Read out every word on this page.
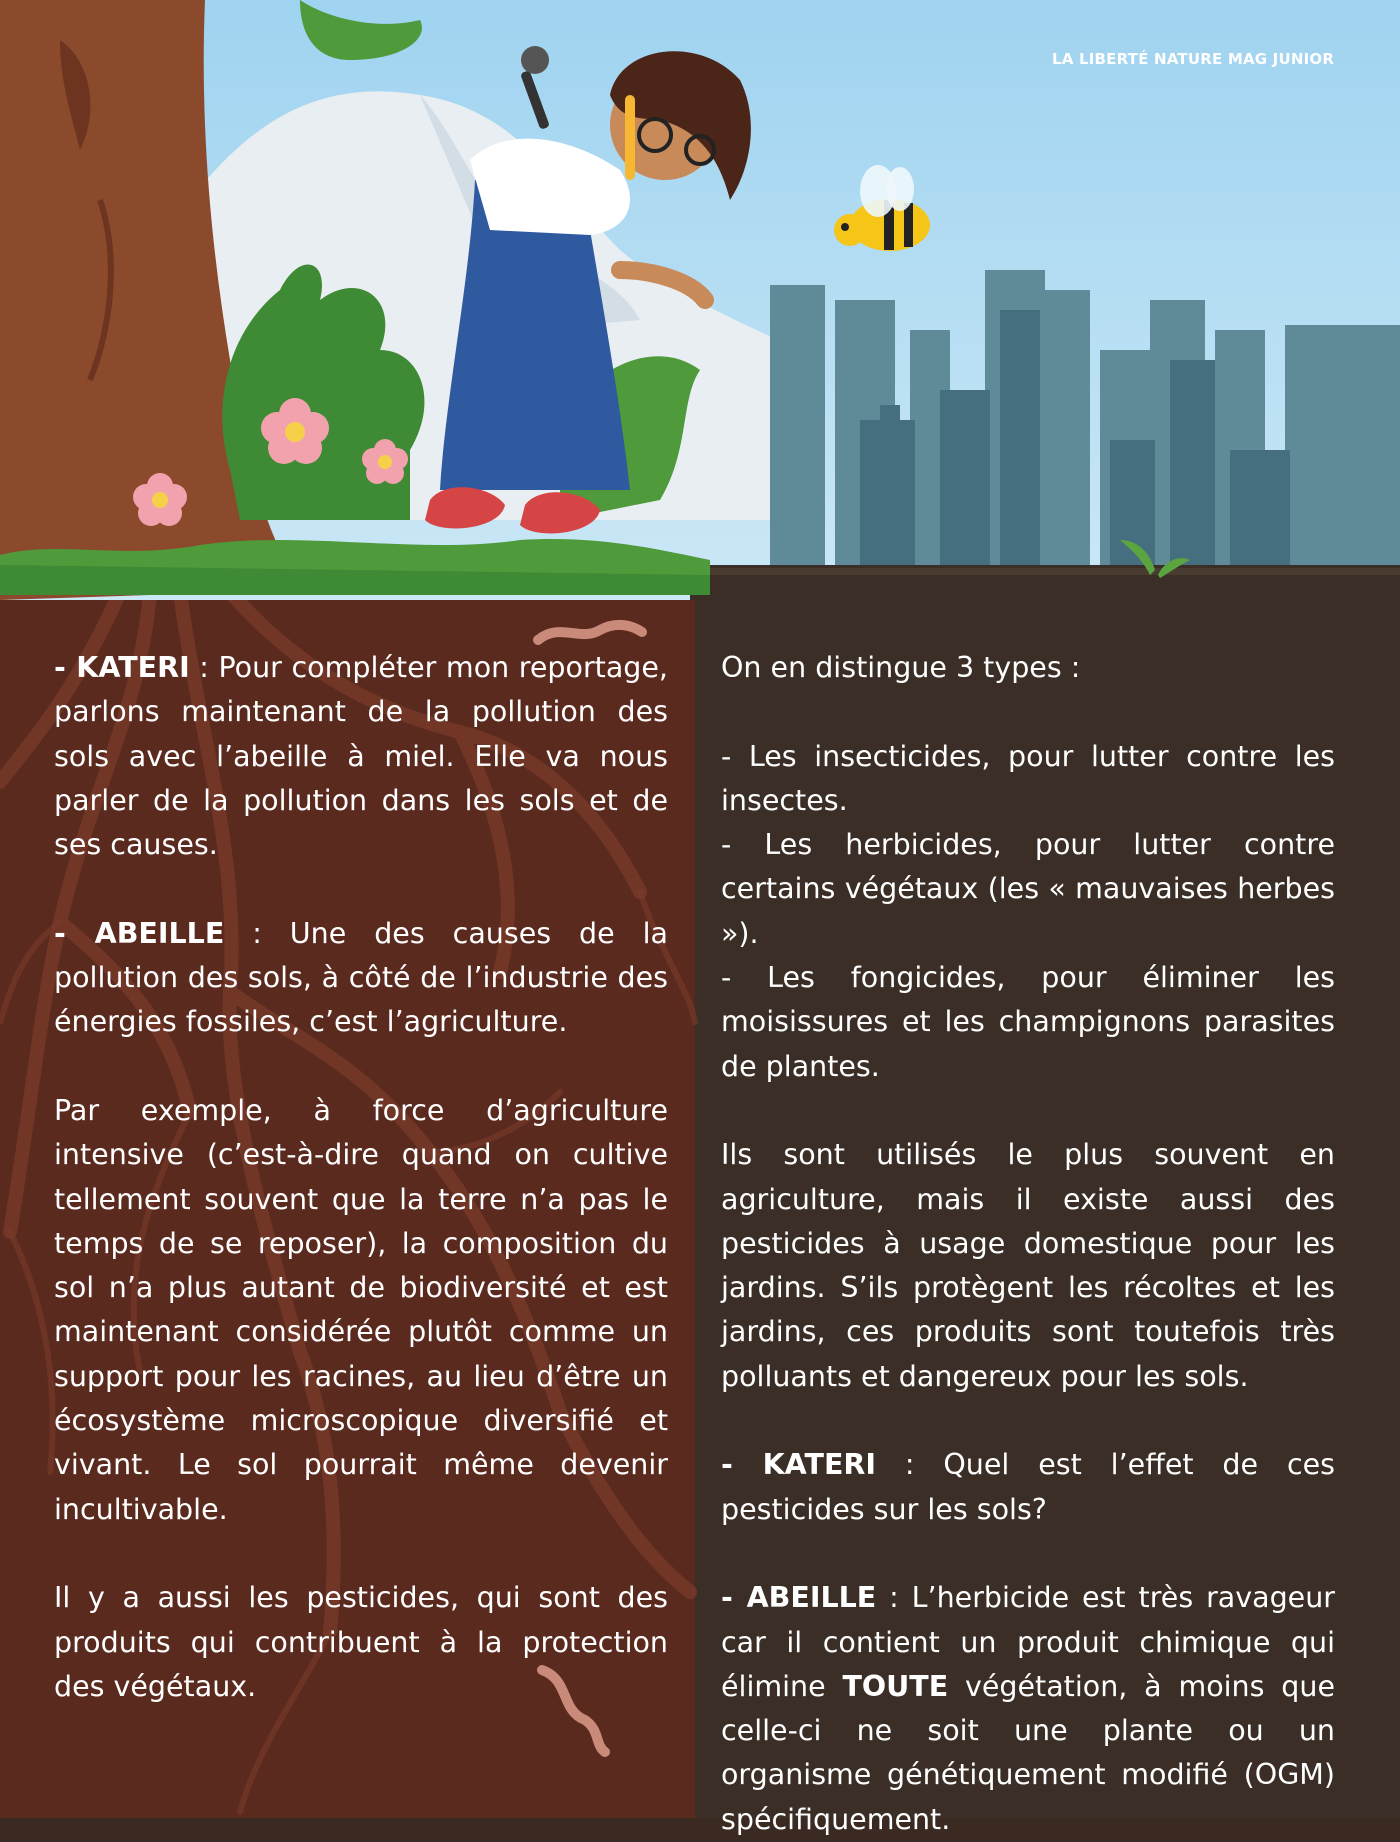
LA LIBERTÉ NATURE MAG JUNIOR

- KATERI : Pour compléter mon reportage, parlons maintenant de la pollution des sols avec l’abeille à miel. Elle va nous parler de la pollution dans les sols et de ses causes.

- ABEILLE : Une des causes de la pollution des sols, à côté de l’industrie des énergies fossiles, c’est l’agriculture.

Par exemple, à force d’agriculture intensive (c’est-à-dire quand on cultive tellement souvent que la terre n’a pas le temps de se reposer), la composition du sol n’a plus autant de biodiversité et est maintenant considérée plutôt comme un support pour les racines, au lieu d’être un écosystème microscopique diversifié et vivant. Le sol pourrait même devenir incultivable.

Il y a aussi les pesticides, qui sont des produits qui contribuent à la protection des végétaux.

On en distingue 3 types :

- Les insecticides, pour lutter contre les insectes.
- Les herbicides, pour lutter contre certains végétaux (les « mauvaises herbes »).
- Les fongicides, pour éliminer les moisissures et les champignons parasites de plantes.

Ils sont utilisés le plus souvent en agriculture, mais il existe aussi des pesticides à usage domestique pour les jardins. S’ils protègent les récoltes et les jardins, ces produits sont toutefois très polluants et dangereux pour les sols.

- KATERI : Quel est l’effet de ces pesticides sur les sols?

- ABEILLE : L’herbicide est très ravageur car il contient un produit chimique qui élimine TOUTE végétation, à moins que celle-ci ne soit une plante ou un organisme génétiquement modifié (OGM) spécifiquement.
